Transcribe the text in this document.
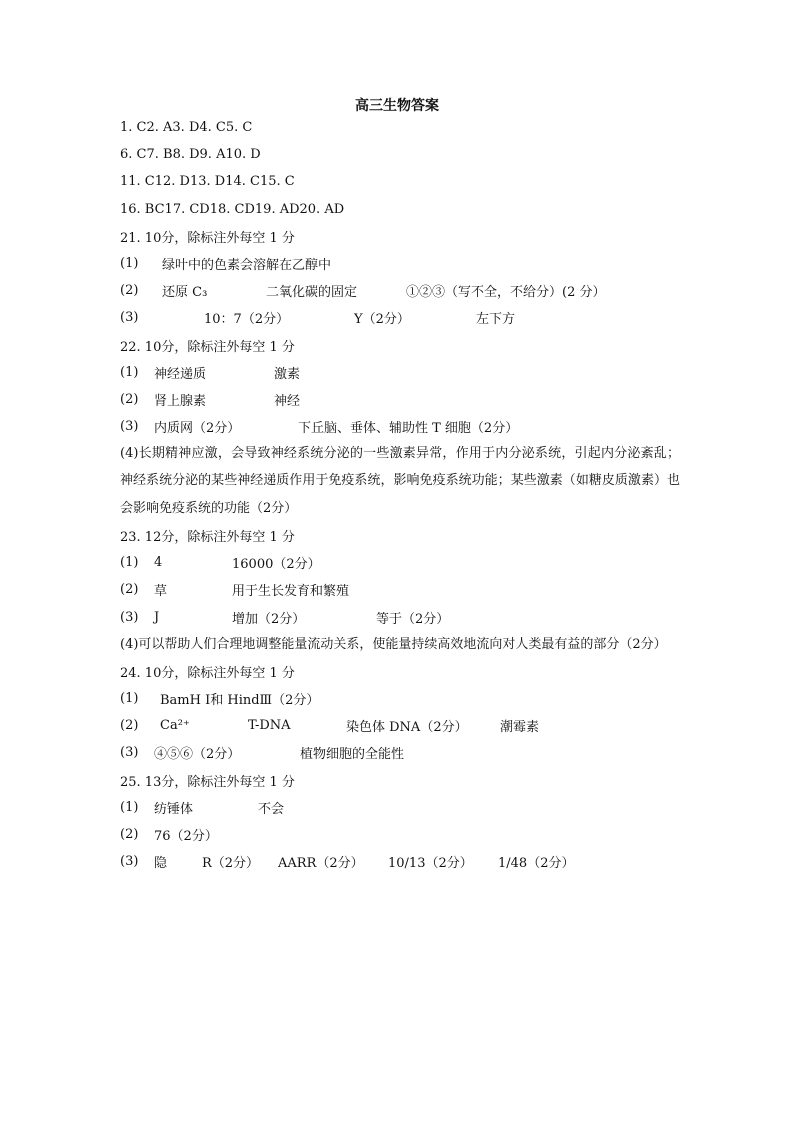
高三生物答案
1. C2. A3. D4. C5. C
6. C7. B8. D9. A10. D
11. C12. D13. D14. C15. C
16. BC17. CD18. CD19. AD20. AD
21. 10分，除标注外每空 1 分
(1)	绿叶中的色素会溶解在乙醇中
(2)	还原 C₃	二氧化碳的固定	①②③（写不全，不给分）(2 分）
(3)	10：7（2分）	Y（2分）	左下方
22. 10分，除标注外每空 1 分
(1)	神经递质	激素
(2)	肾上腺素	神经
(3)	内质网（2分）	下丘脑、垂体、辅助性 T 细胞（2分）
(4)长期精神应激，会导致神经系统分泌的一些激素异常，作用于内分泌系统，引起内分泌紊乱；神经系统分泌的某些神经递质作用于免疫系统，影响免疫系统功能；某些激素（如糖皮质激素）也会影响免疫系统的功能（2分）
23. 12分，除标注外每空 1 分
(1)	4	16000（2分）
(2)	草	用于生长发育和繁殖
(3)	J	增加（2分）	等于（2分）
(4)可以帮助人们合理地调整能量流动关系，使能量持续高效地流向对人类最有益的部分（2分）
24. 10分，除标注外每空 1 分
(1)	BamH Ⅰ和 HindⅢ（2分）
(2)	Ca²⁺	T-DNA	染色体 DNA（2分）	潮霉素
(3)	④⑤⑥（2分）	植物细胞的全能性
25. 13分，除标注外每空 1 分
(1)	纺锤体	不会
(2)	76（2分）
(3)	隐	R（2分）	AARR（2分）	10/13（2分）	1/48（2分）
